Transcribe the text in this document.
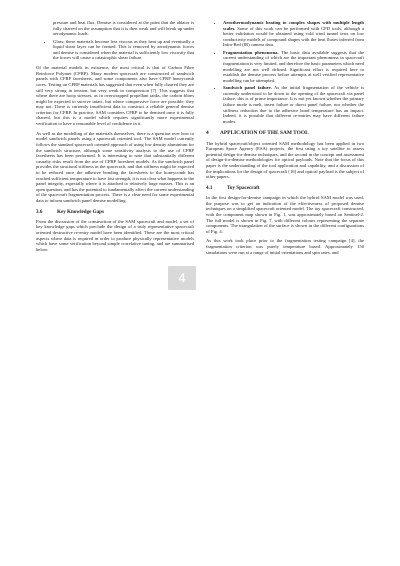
pressure and heat flux. Demise is considered at the point that the ablator is fully charred on the assumption that it is then weak and will break up under aerodynamic loads.
• Glass; these materials become less viscous as they heat up and eventually a liquid shear layer can be formed. This is removed by aerodynamic forces and demise is considered when the material is sufficiently low viscosity that the forces will cause a catastrophic shear failure.

Of the material models in existence, the most critical is that of Carbon Fibre Reinforce Polymer (CFRP). Many modern spacecraft are constructed of sandwich panels with CFRP facesheets, and some components also have CFRP honeycomb cores. Testing on CFRP materials has suggested that even when fully charred they are still very strong in tension, but very weak in compression [7]. This suggests that where there are hoop stresses, as in overwrapped propellant tanks, the carbon fibres might be expected to survive intact, but where compressive force are possible, they may not. There is currently insufficient data to construct a reliable general demise criterion for CFRP. In practice, SAM considers CFRP to be demised once it is fully charred, but this is a model which requires significantly more experimental verification to have a reasonable level of confidence in it.

As well as the modelling of the materials themselves, there is a question over how to model sandwich panels using a spacecraft oriented tool. The SAM model currently follows the standard spacecraft oriented approach of using low density aluminium for the sandwich structure, although some sensitivity analysis to the use of CFRP facesheets has been performed. It is interesting to note that substantially different casualty risks result from the use of CFRP facesheet models. As the sandwich panel provides the structural stiffness in the spacecraft, and that stiffness might be expected to be reduced once the adhesive bonding the facesheets to the honeycomb has reached sufficient temperature to have lost strength, it is not clear what happens to the panel integrity, especially where it is attached to relatively large masses. This is an open question, and has the potential to fundamentally affect the current understanding of the spacecraft fragmentation process. There is a clear need for some experimental data to inform sandwich panel demise modelling.

3.6	Key Knowledge Gaps

From the discussion of the construction of the SAM spacecraft and model, a set of key knowledge gaps which preclude the design of a truly representative spacecraft oriented destructive re-entry model have been identified. These are the most critical aspects where data is required in order to produce physically representative models which have some verification beyond simple correlative tuning, and are summarised below:

4
• Aerothermodynamic heating to complex shapes with multiple length scales. Some of this work can be performed with CFD tools, although a better validation would be obtained using cold wind tunnel tests on low conductivity models of compound shapes with the heat fluxes inferred from Infra-Red (IR) camera data.
• Fragmentation phenomena. The basic data available suggests that the current understanding of which are the important phenomena in spacecraft fragmentation is very limited, and therefore the basic parameters which need modelling are not well defined. Significant effort is required here to establish the demise process before attempts at well verified representative modelling can be attempted.
• Sandwich panel failure. As the initial fragmentation of the vehicle is currently understood to be down to the opening of the spacecraft via panel failure, this is of prime importance. It is not yet known whether the primary failure mode is melt, insert failure or direct panel failure, nor whether the stiffness reduction due to the adhesive bond temperature has an impact. Indeed, it is possible that different re-entries may have different failure modes.
4 APPLICATION OF THE SAM TOOL

The hybrid spacecraft/object oriented SAM methodology has been applied in two European Space Agency (ESA) projects, the first using a toy satellite to assess potential design-for-demise techniques, and the second in the concept and assessment of design-for-demise methodologies for optical payloads. Note that the focus of this paper is the understanding of the tool application and capability, and a discussion of the implications for the design of spacecraft [16] and optical payload is the subject of other papers.

4.1	Toy Spacecraft

In the first design-for-demise campaign in which the hybrid SAM model was used, the purpose was to get an indication of the effectiveness of proposed demise techniques on a simplified spacecraft oriented model. The toy spacecraft constructed, with the component map shown in Fig. 1, was approximately based on Sentinel-2. The full model is shown in Fig. 7, with different colours representing the separate components. The triangulation of the surface is shown in the different configurations of Fig. 4.

As this work took place prior to the fragmentation testing campaign [4], the fragmentation criterion was purely temperature based. Approximately 150 simulations were run at a range of initial orientations and spin rates, and
